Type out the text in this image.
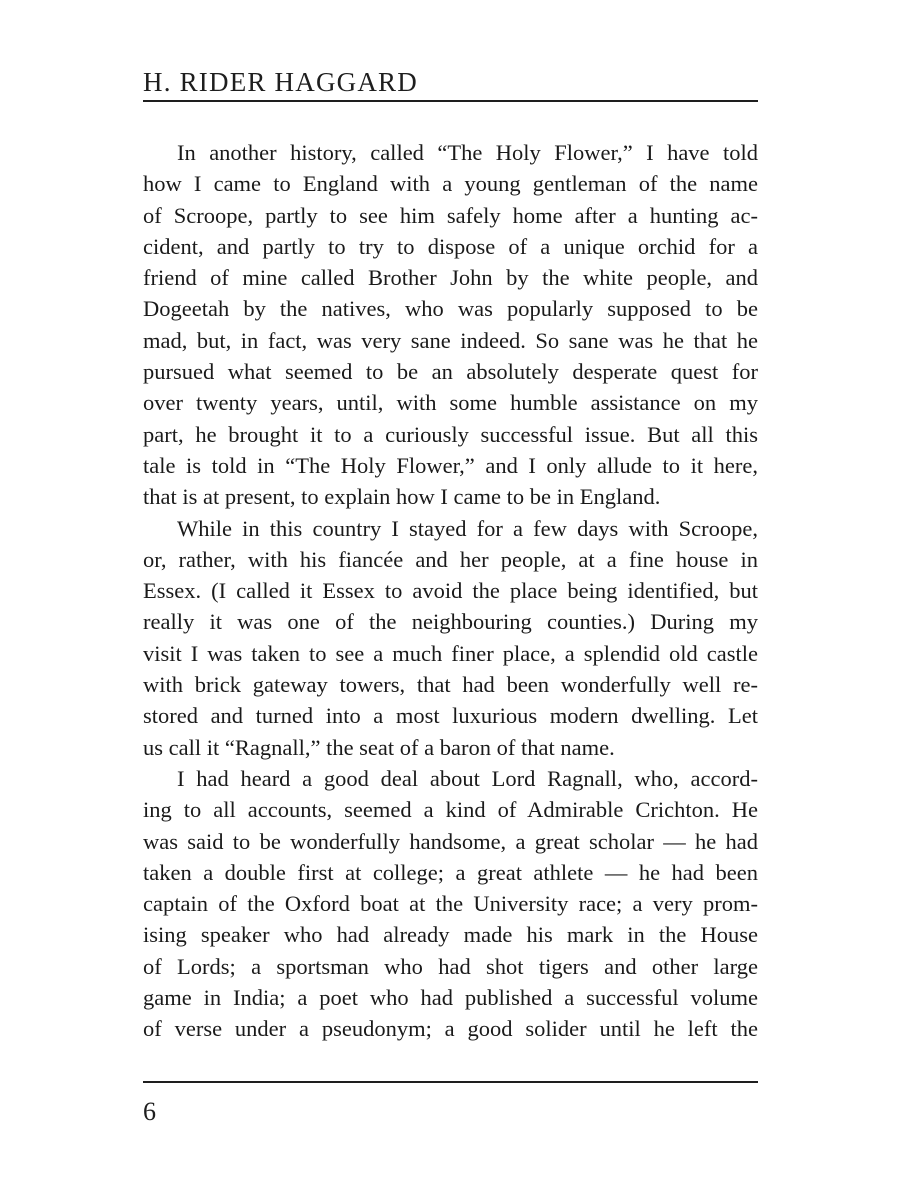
H. RIDER HAGGARD
In another history, called “The Holy Flower,” I have told
how I came to England with a young gentleman of the name
of Scroope, partly to see him safely home after a hunting ac-
cident, and partly to try to dispose of a unique orchid for a
friend of mine called Brother John by the white people, and
Dogeetah by the natives, who was popularly supposed to be
mad, but, in fact, was very sane indeed. So sane was he that he
pursued what seemed to be an absolutely desperate quest for
over twenty years, until, with some humble assistance on my
part, he brought it to a curiously successful issue. But all this
tale is told in “The Holy Flower,” and I only allude to it here,
that is at present, to explain how I came to be in England.
While in this country I stayed for a few days with Scroope,
or, rather, with his fiancée and her people, at a fine house in
Essex. (I called it Essex to avoid the place being identified, but
really it was one of the neighbouring counties.) During my
visit I was taken to see a much finer place, a splendid old castle
with brick gateway towers, that had been wonderfully well re-
stored and turned into a most luxurious modern dwelling. Let
us call it “Ragnall,” the seat of a baron of that name.
I had heard a good deal about Lord Ragnall, who, accord-
ing to all accounts, seemed a kind of Admirable Crichton. He
was said to be wonderfully handsome, a great scholar — he had
taken a double first at college; a great athlete — he had been
captain of the Oxford boat at the University race; a very prom-
ising speaker who had already made his mark in the House
of Lords; a sportsman who had shot tigers and other large
game in India; a poet who had published a successful volume
of verse under a pseudonym; a good solider until he left the
6
